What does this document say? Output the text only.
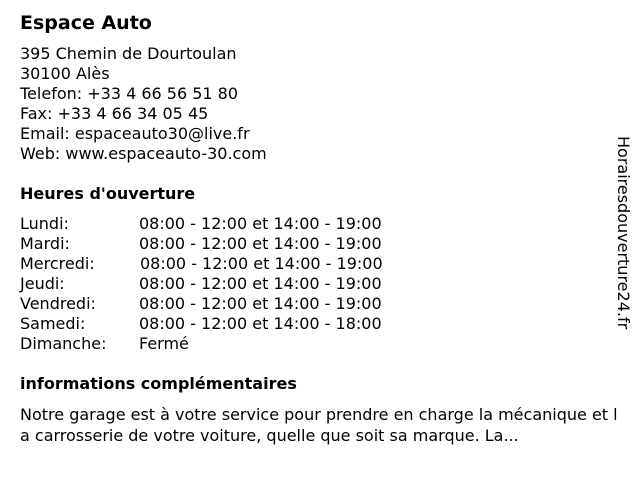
Espace Auto
395 Chemin de Dourtoulan
30100 Alès
Telefon: +33 4 66 56 51 80
Fax: +33 4 66 34 05 45
Email: espaceauto30@live.fr
Web: www.espaceauto-30.com
Heures d'ouverture
Lundi:	08:00 - 12:00 et 14:00 - 19:00
Mardi:	08:00 - 12:00 et 14:00 - 19:00
Mercredi:	08:00 - 12:00 et 14:00 - 19:00
Jeudi:	08:00 - 12:00 et 14:00 - 19:00
Vendredi:	08:00 - 12:00 et 14:00 - 19:00
Samedi:	08:00 - 12:00 et 14:00 - 18:00
Dimanche: Fermé
informations complémentaires
Notre garage est à votre service pour prendre en charge la mécanique et la carrosserie de votre voiture, quelle que soit sa marque. La...
Horairesdouverture24.fr
